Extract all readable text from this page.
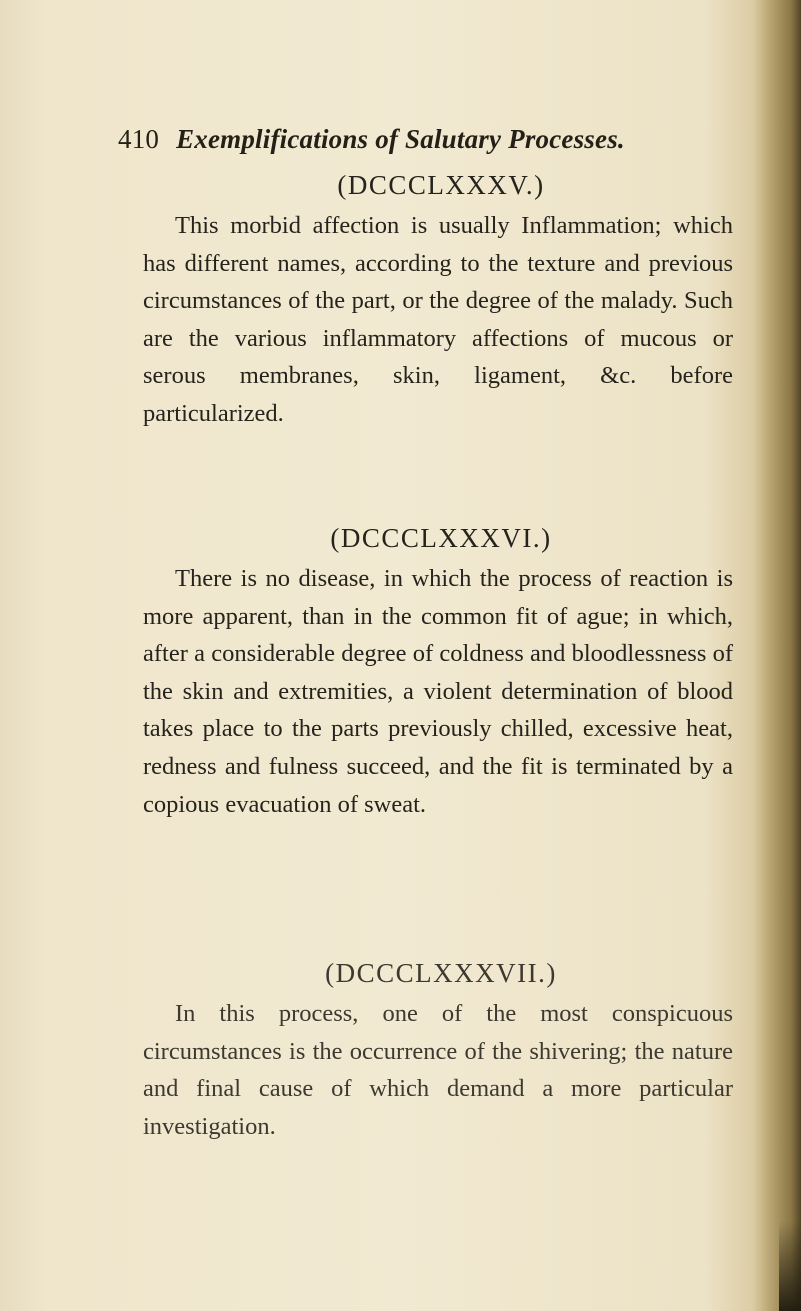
410 Exemplifications of Salutary Processes.
(DCCCLXXXV.)

This morbid affection is usually Inflammation; which has different names, according to the texture and previous circumstances of the part, or the degree of the malady. Such are the various inflammatory affections of mucous or serous membranes, skin, ligament, &c. before particularized.

(DCCCLXXXVI.)

There is no disease, in which the process of reaction is more apparent, than in the common fit of ague; in which, after a considerable degree of coldness and bloodlessness of the skin and extremities, a violent determination of blood takes place to the parts previously chilled, excessive heat, redness and fulness succeed, and the fit is terminated by a copious evacuation of sweat.

(DCCCLXXXVII.)

In this process, one of the most conspicuous circumstances is the occurrence of the shivering; the nature and final cause of which demand a more particular investigation.
